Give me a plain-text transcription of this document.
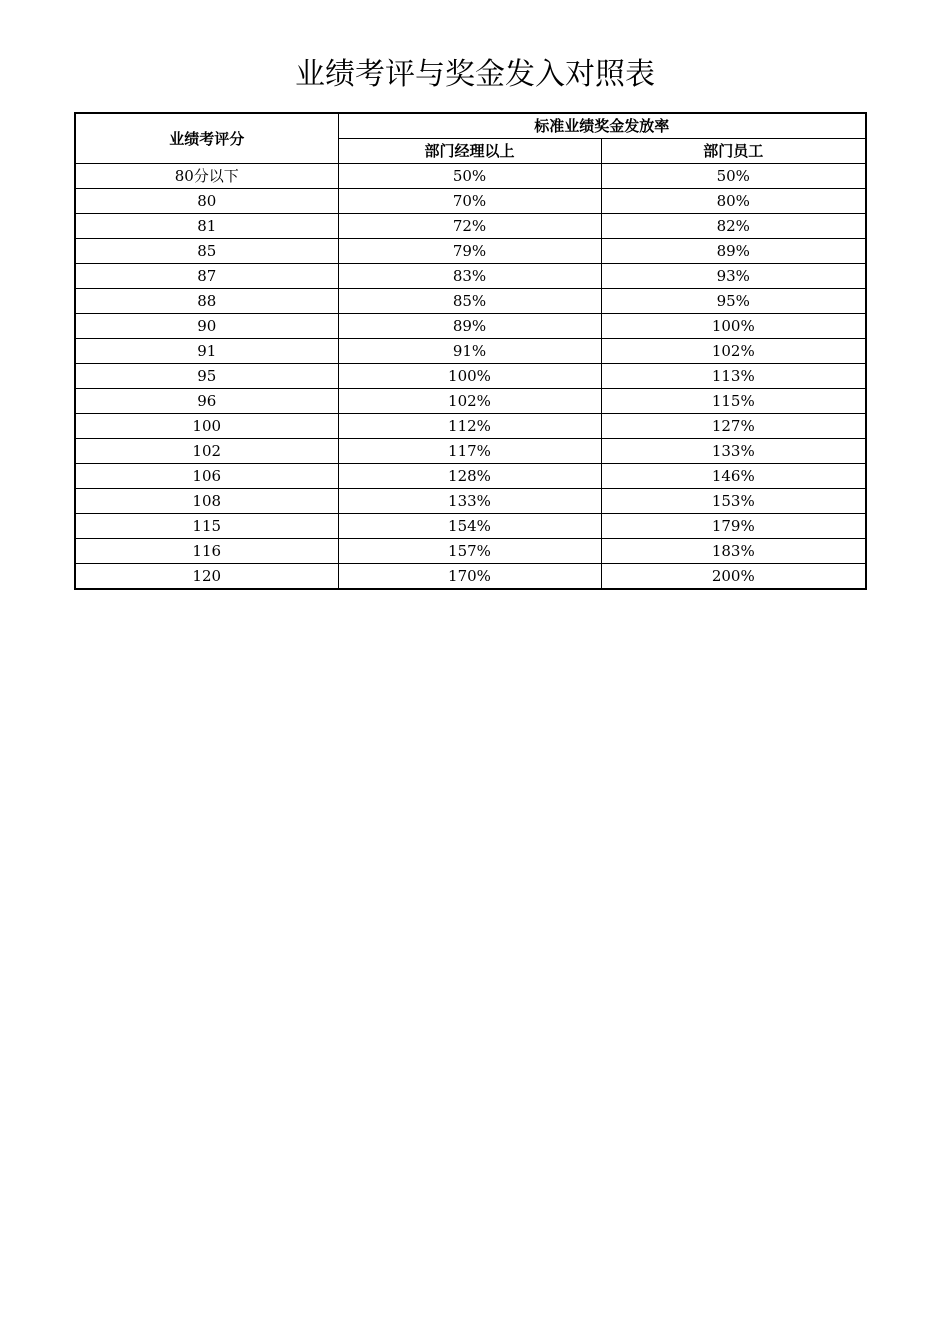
业绩考评与奖金发入对照表
业绩考评分	标准业绩奖金发放率	
	部门经理以上	部门员工
80分以下	50%	50%
80	70%	80%
81	72%	82%
85	79%	89%
87	83%	93%
88	85%	95%
90	89%	100%
91	91%	102%
95	100%	113%
96	102%	115%
100	112%	127%
102	117%	133%
106	128%	146%
108	133%	153%
115	154%	179%
116	157%	183%
120	170%	200%
